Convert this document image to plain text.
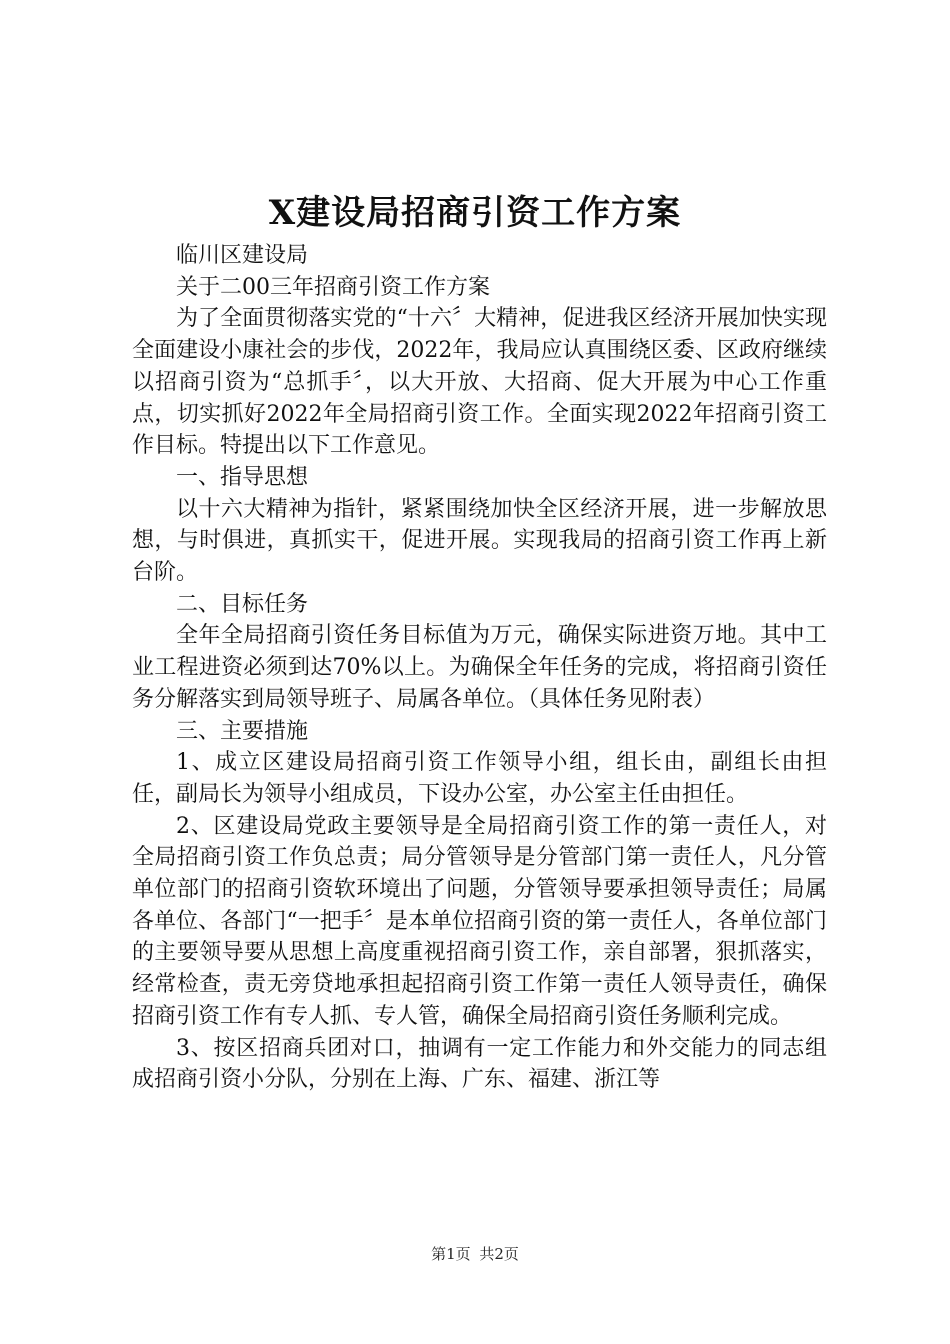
X建设局招商引资工作方案

临川区建设局

关于二00三年招商引资工作方案

为了全面贯彻落实党的“十六〞大精神，促进我区经济开展加快实现全面建设小康社会的步伐，2022年，我局应认真围绕区委、区政府继续以招商引资为“总抓手〞，以大开放、大招商、促大开展为中心工作重点，切实抓好2022年全局招商引资工作。全面实现2022年招商引资工作目标。特提出以下工作意见。

一、指导思想

以十六大精神为指针，紧紧围绕加快全区经济开展，进一步解放思想，与时俱进，真抓实干，促进开展。实现我局的招商引资工作再上新台阶。

二、目标任务

全年全局招商引资任务目标值为万元，确保实际进资万地。其中工业工程进资必须到达70%以上。为确保全年任务的完成，将招商引资任务分解落实到局领导班子、局属各单位。（具体任务见附表）

三、主要措施

1、成立区建设局招商引资工作领导小组，组长由，副组长由担任，副局长为领导小组成员，下设办公室，办公室主任由担任。

2、区建设局党政主要领导是全局招商引资工作的第一责任人，对全局招商引资工作负总责；局分管领导是分管部门第一责任人，凡分管单位部门的招商引资软环境出了问题，分管领导要承担领导责任；局属各单位、各部门“一把手〞是本单位招商引资的第一责任人，各单位部门的主要领导要从思想上高度重视招商引资工作，亲自部署，狠抓落实，经常检查，责无旁贷地承担起招商引资工作第一责任人领导责任，确保招商引资工作有专人抓、专人管，确保全局招商引资任务顺利完成。

3、按区招商兵团对口，抽调有一定工作能力和外交能力的同志组成招商引资小分队，分别在上海、广东、福建、浙江等

第1页 共2页
